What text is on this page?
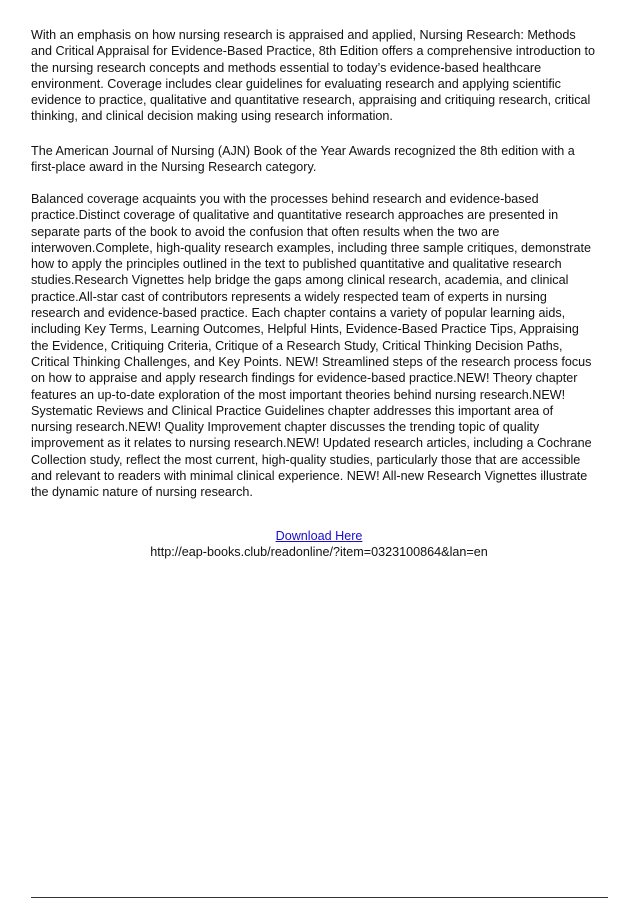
With an emphasis on how nursing research is appraised and applied, Nursing Research: Methods
and Critical Appraisal for Evidence-Based Practice, 8th Edition offers a comprehensive introduction to
the nursing research concepts and methods essential to today’s evidence-based healthcare
environment. Coverage includes clear guidelines for evaluating research and applying scientific
evidence to practice, qualitative and quantitative research, appraising and critiquing research, critical
thinking, and clinical decision making using research information.
The American Journal of Nursing (AJN) Book of the Year Awards recognized the 8th edition with a
first-place award in the Nursing Research category.
Balanced coverage acquaints you with the processes behind research and evidence-based
practice.Distinct coverage of qualitative and quantitative research approaches are presented in
separate parts of the book to avoid the confusion that often results when the two are
interwoven.Complete, high-quality research examples, including three sample critiques, demonstrate
how to apply the principles outlined in the text to published quantitative and qualitative research
studies.Research Vignettes help bridge the gaps among clinical research, academia, and clinical
practice.All-star cast of contributors represents a widely respected team of experts in nursing
research and evidence-based practice. Each chapter contains a variety of popular learning aids,
including Key Terms, Learning Outcomes, Helpful Hints, Evidence-Based Practice Tips, Appraising
the Evidence, Critiquing Criteria, Critique of a Research Study, Critical Thinking Decision Paths,
Critical Thinking Challenges, and Key Points. NEW! Streamlined steps of the research process focus
on how to appraise and apply research findings for evidence-based practice.NEW! Theory chapter
features an up-to-date exploration of the most important theories behind nursing research.NEW!
Systematic Reviews and Clinical Practice Guidelines chapter addresses this important area of
nursing research.NEW! Quality Improvement chapter discusses the trending topic of quality
improvement as it relates to nursing research.NEW! Updated research articles, including a Cochrane
Collection study, reflect the most current, high-quality studies, particularly those that are accessible
and relevant to readers with minimal clinical experience. NEW! All-new Research Vignettes illustrate
the dynamic nature of nursing research.
Download Here
http://eap-books.club/readonline/?item=0323100864&lan=en
